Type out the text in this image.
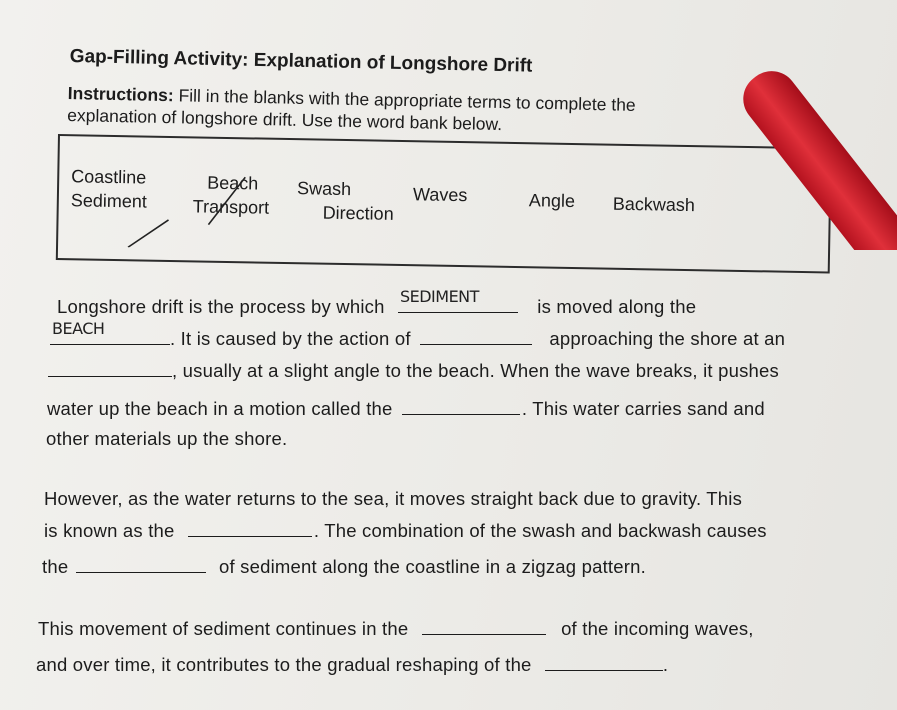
Gap-Filling Activity: Explanation of Longshore Drift
Instructions: Fill in the blanks with the appropriate terms to complete the
explanation of longshore drift. Use the word bank below.
Coastline	Beach Swash	Waves	Angle Backwash
Sediment	Transport	Direction
Longshore drift is the process by which SEDIMENT	is moved along the
BEACH	. It is caused by the action of	approaching the shore at an
, usually at a slight angle to the beach. When the wave breaks, it pushes
water up the beach in a motion called the	. This water carries sand and
other materials up the shore.
However, as the water returns to the sea, it moves straight back due to gravity. This
is known as the	. The combination of the swash and backwash causes
the	of sediment along the coastline in a zigzag pattern.
This movement of sediment continues in the	of the incoming waves,
and over time, it contributes to the gradual reshaping of the	.
